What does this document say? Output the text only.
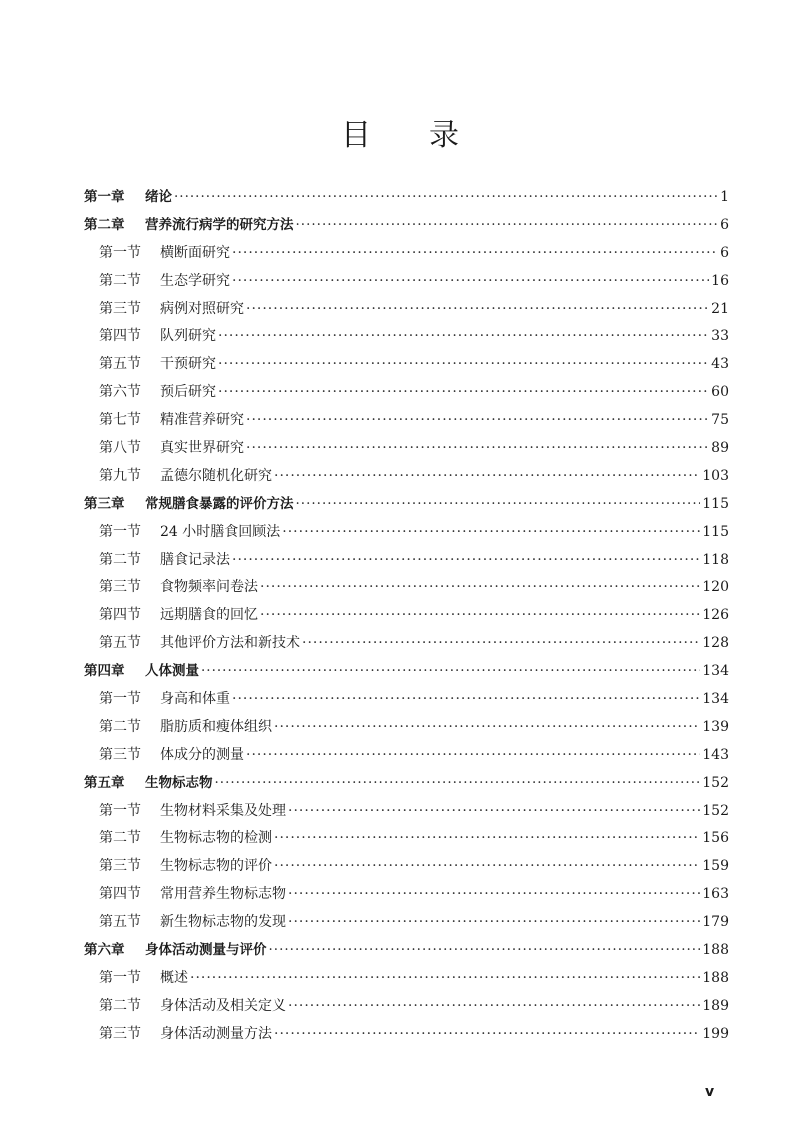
目录
第一章	绪论 ·····	1
第二章	营养流行病学的研究方法 ·····	6
第一节	横断面研究 ·····	6
第二节	生态学研究 ·····	16
第三节	病例对照研究 ·····	21
第四节	队列研究 ·····	33
第五节	干预研究 ·····	43
第六节	预后研究 ·····	60
第七节	精准营养研究 ·····	75
第八节	真实世界研究 ·····	89
第九节	孟德尔随机化研究 ·····	103
第三章	常规膳食暴露的评价方法 ·····	115
第一节	24 小时膳食回顾法 ·····	115
第二节	膳食记录法 ·····	118
第三节	食物频率问卷法 ·····	120
第四节	远期膳食的回忆 ·····	126
第五节	其他评价方法和新技术 ·····	128
第四章	人体测量 ·····	134
第一节	身高和体重 ·····	134
第二节	脂肪质和瘦体组织 ·····	139
第三节	体成分的测量 ·····	143
第五章	生物标志物 ·····	152
第一节	生物材料采集及处理 ·····	152
第二节	生物标志物的检测 ·····	156
第三节	生物标志物的评价 ·····	159
第四节	常用营养生物标志物 ·····	163
第五节	新生物标志物的发现 ·····	179
第六章	身体活动测量与评价 ·····	188
第一节	概述 ·····	188
第二节	身体活动及相关定义 ·····	189
第三节	身体活动测量方法 ·····	199
v
